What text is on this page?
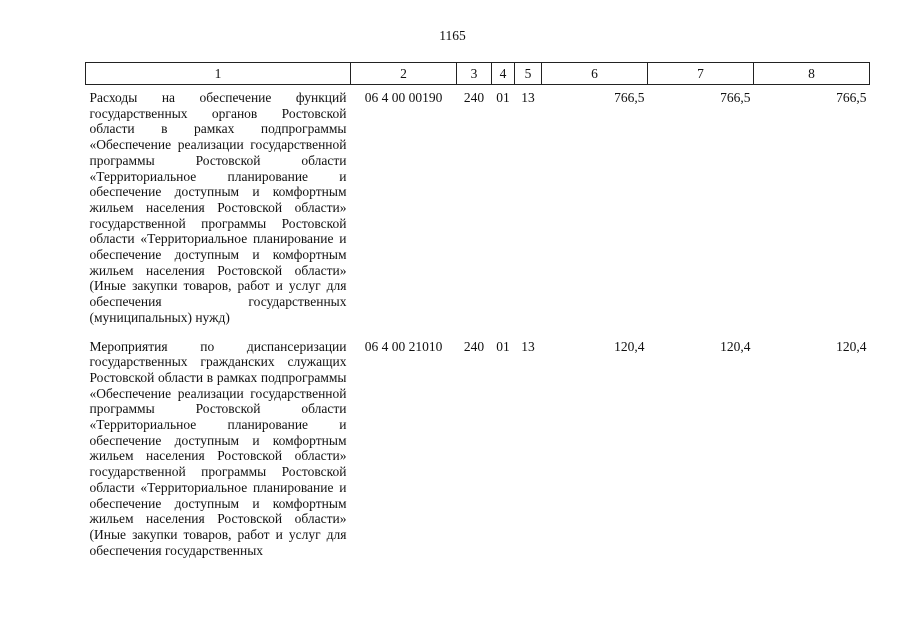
1165
1	2	3	4	5	6	7	8
Расходы на обеспечение функций государственных органов Ростовской области в рамках подпрограммы «Обеспечение реализации государственной программы Ростовской области «Территориальное планирование и обеспечение доступным и комфортным жильем населения Ростовской области» государственной программы Ростовской области «Территориальное планирование и обеспечение доступным и комфортным жильем населения Ростовской области» (Иные закупки товаров, работ и услуг для обеспечения государственных (муниципальных) нужд)	06 4 00 00190	240	01	13	766,5	766,5	766,5
Мероприятия по диспансеризации государственных гражданских служащих Ростовской области в рамках подпрограммы «Обеспечение реализации государственной программы Ростовской области «Территориальное планирование и обеспечение доступным и комфортным жильем населения Ростовской области» государственной программы Ростовской области «Территориальное планирование и обеспечение доступным и комфортным жильем населения Ростовской области» (Иные закупки товаров, работ и услуг для обеспечения государственных	06 4 00 21010	240	01	13	120,4	120,4	120,4
